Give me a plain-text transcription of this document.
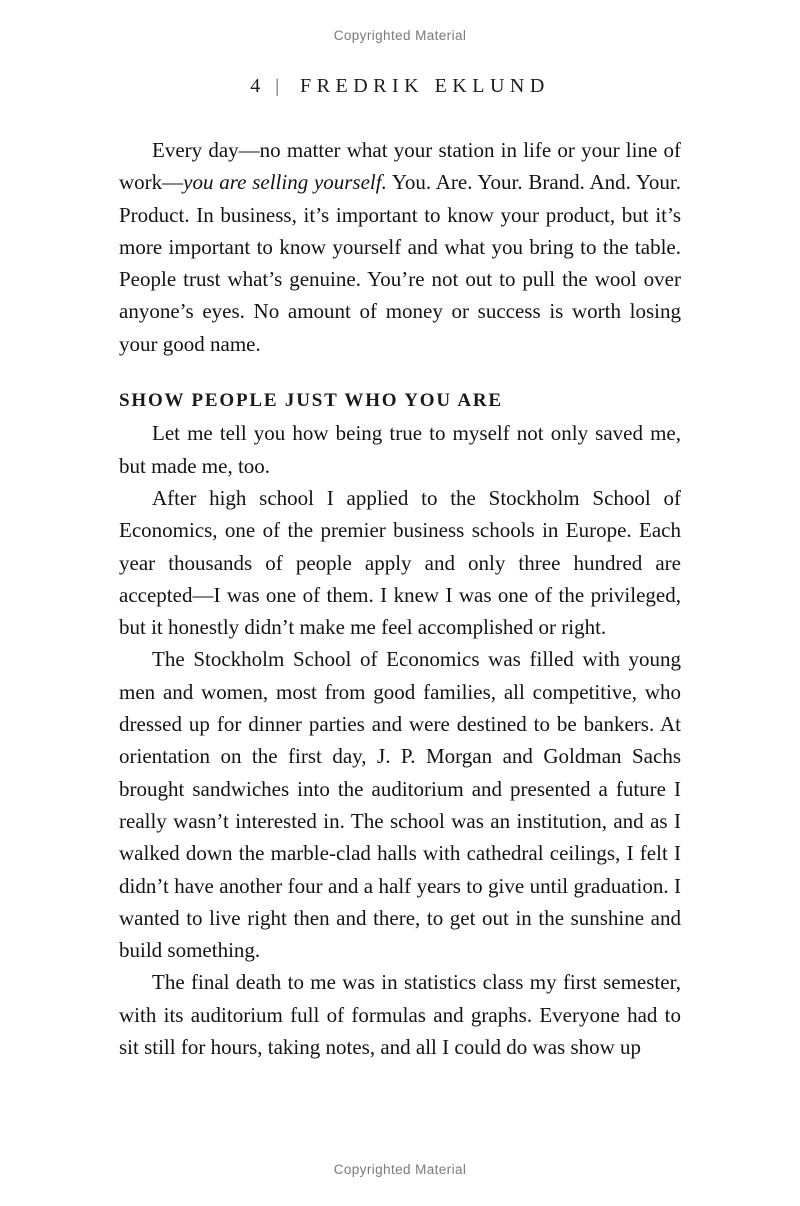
Copyrighted Material
4 | FREDRIK EKLUND

Every day—no matter what your station in life or your line of work—you are selling yourself. You. Are. Your. Brand. And. Your. Product. In business, it’s important to know your product, but it’s more important to know yourself and what you bring to the table. People trust what’s genuine. You’re not out to pull the wool over anyone’s eyes. No amount of money or success is worth losing your good name.

SHOW PEOPLE JUST WHO YOU ARE

Let me tell you how being true to myself not only saved me, but made me, too.

After high school I applied to the Stockholm School of Economics, one of the premier business schools in Europe. Each year thousands of people apply and only three hundred are accepted—I was one of them. I knew I was one of the privileged, but it honestly didn’t make me feel accomplished or right.

The Stockholm School of Economics was filled with young men and women, most from good families, all competitive, who dressed up for dinner parties and were destined to be bankers. At orientation on the first day, J. P. Morgan and Goldman Sachs brought sandwiches into the auditorium and presented a future I really wasn’t interested in. The school was an institution, and as I walked down the marble-clad halls with cathedral ceilings, I felt I didn’t have another four and a half years to give until graduation. I wanted to live right then and there, to get out in the sunshine and build something.

The final death to me was in statistics class my first semester, with its auditorium full of formulas and graphs. Everyone had to sit still for hours, taking notes, and all I could do was show up

Copyrighted Material
